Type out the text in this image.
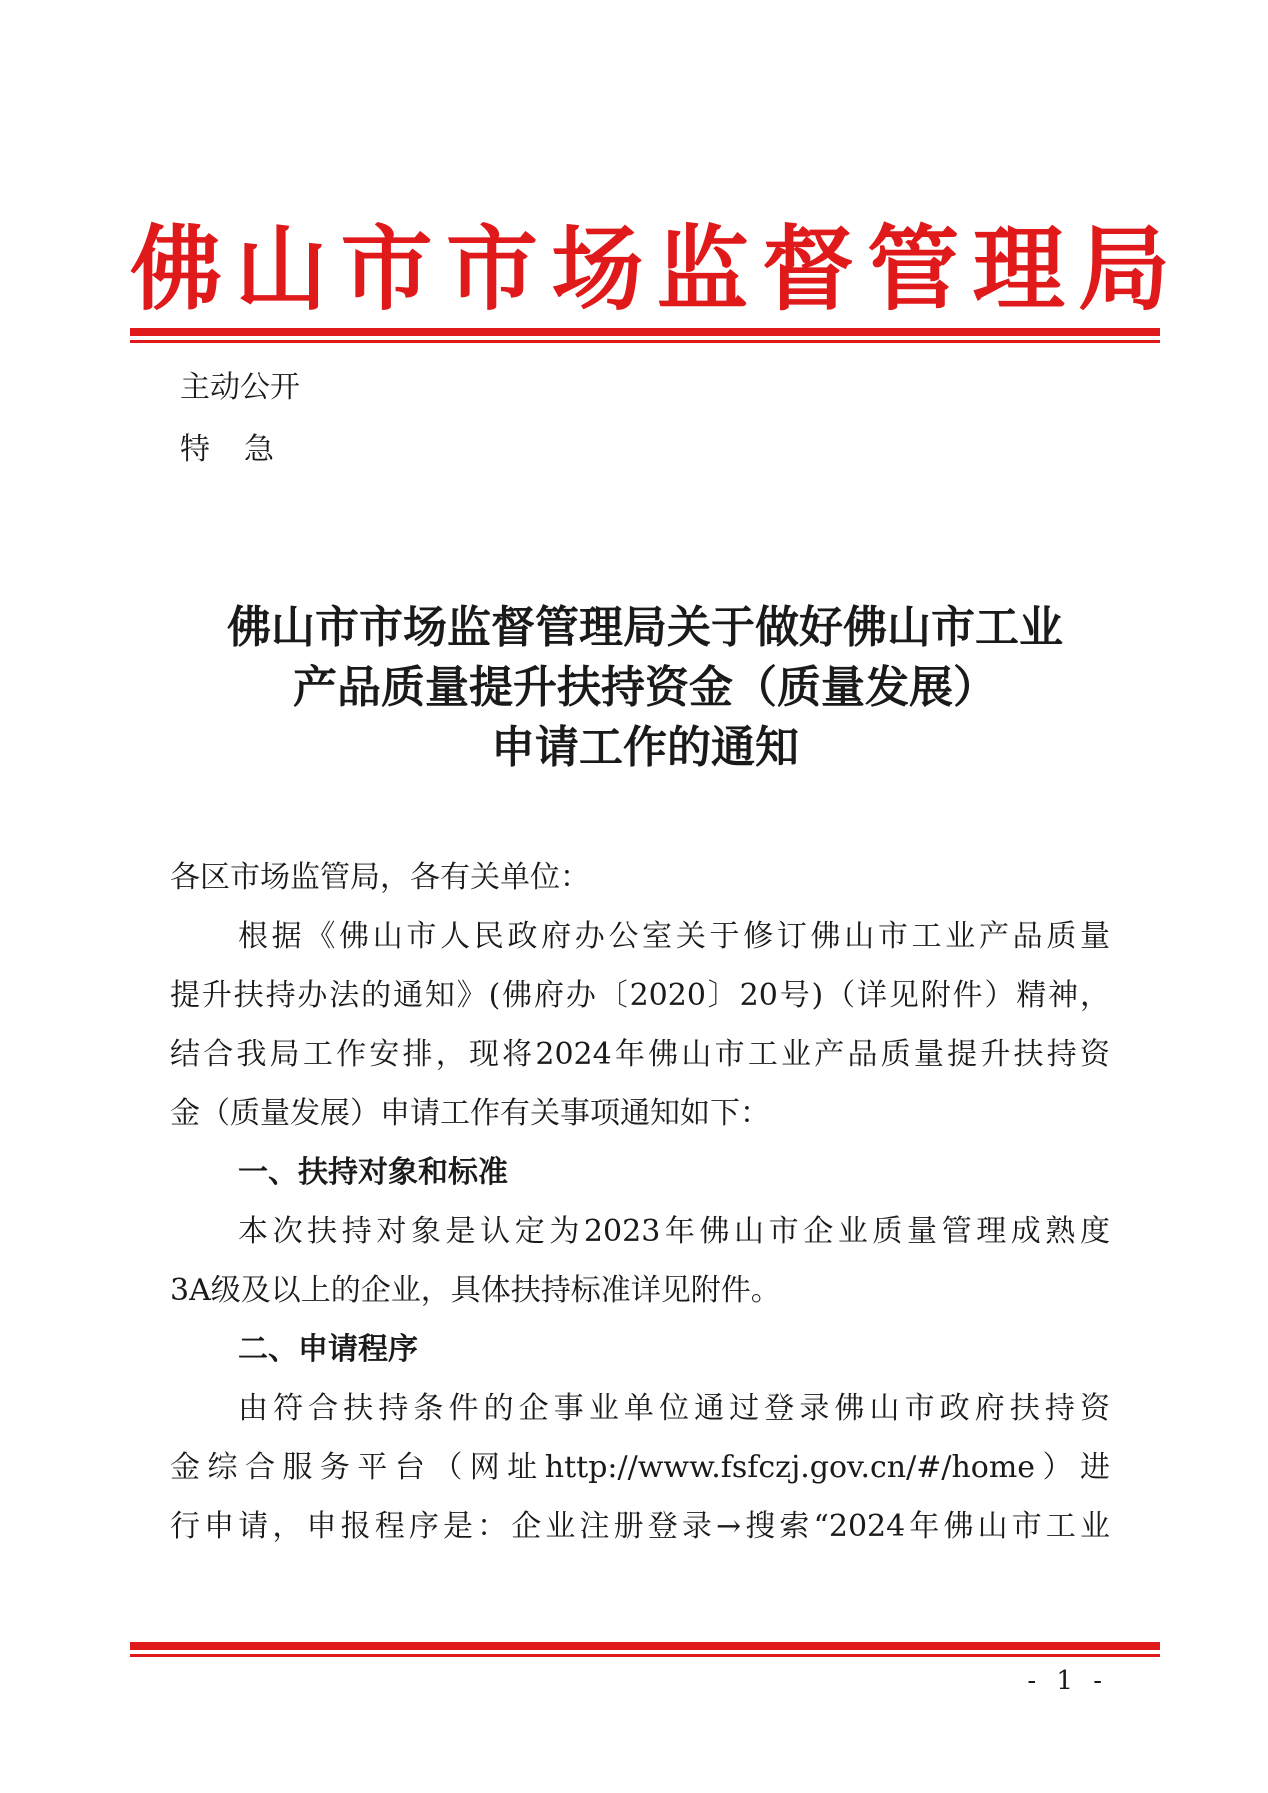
佛 山 市 市 场 监 督 管 理 局
主动公开
特急
佛山市市场监督管理局关于做好佛山市工业
产品质量提升扶持资金（质量发展）
申请工作的通知
各区市场监管局，各有关单位：
根据《佛山市人民政府办公室关于修订佛山市工业产品质量
提升扶持办法的通知》(佛府办〔2020〕20号)（详见附件）精神，
结合我局工作安排，现将2024年佛山市工业产品质量提升扶持资
金（质量发展）申请工作有关事项通知如下：
一、扶持对象和标准
本次扶持对象是认定为2023年佛山市企业质量管理成熟度
3A级及以上的企业，具体扶持标准详见附件。
二、申请程序
由符合扶持条件的企事业单位通过登录佛山市政府扶持资
金综合服务平台（网址http://www.fsfczj.gov.cn/#/home）进
行申请，申报程序是：企业注册登录→搜索“2024年佛山市工业
- 1 -
